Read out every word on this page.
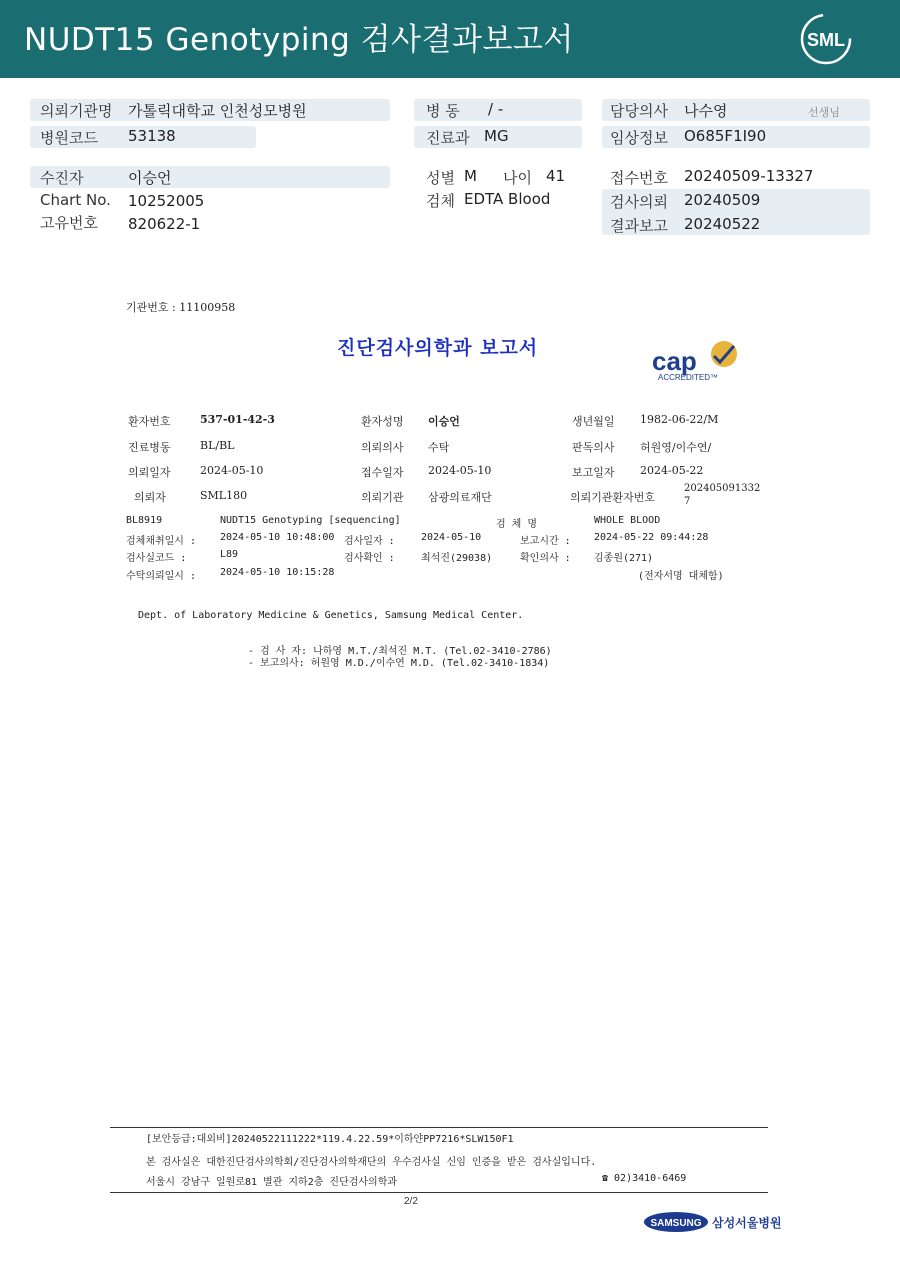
NUDT15 Genotyping 검사결과보고서	SML
의뢰기관명 가톨릭대학교 인천성모병원
병원코드 53138
병 동 / -
진료과 MG
담당의사 나수영	선생님
임상정보 O685F1I90
수진자	이승언
Chart No. 10252005
고유번호 820622-1
성별 M 나이 41
검체 EDTA Blood
접수번호 20240509-13327
검사의뢰 20240509
결과보고 20240522
기관번호 : 11100958
진단검사의학과 보고서	cap
ACCREDITED™
환자번호	537-01-42-3	환자성명 이승언	생년월일 1982-06-22/M
진료병동	BL/BL	의뢰의사 수탁	판독의사 허원영/이수연/
의뢰일자	2024-05-10	접수일자 2024-05-10	보고일자 2024-05-22
의뢰자	SML180	의뢰기관 삼광의료재단	의뢰기관환자번호
202405091332
7
BL8919	NUDT15 Genotyping [sequencing]	검 체 명	WHOLE BLOOD
검체채취일시 : 2024-05-10 10:48:00 검사일자 :	2024-05-10	보고시간 : 2024-05-22 09:44:28
검사실코드 :	L89	검사확인 :	최석진(29038)	확인의사 : 김종원(271)
수탁의뢰일시 : 2024-05-10 10:15:28	(전자서명 대체함)
Dept. of Laboratory Medicine & Genetics, Samsung Medical Center.
- 검 사 자: 나하영 M.T./최석진 M.T. (Tel.02-3410-2786)
- 보고의사: 허원영 M.D./이수연 M.D. (Tel.02-3410-1834)
[보안등급:대외비]20240522111222*119.4.22.59*이하얀PP7216*SLW150F1
본 검사실은 대한진단검사의학회/진단검사의학재단의 우수검사실 신임 인증을 받은 검사실입니다.
서울시 강남구 일원로81 별관 지하2층 진단검사의학과	☎ 02)3410-6469
2/2
SAMSUNG 삼성서울병원
